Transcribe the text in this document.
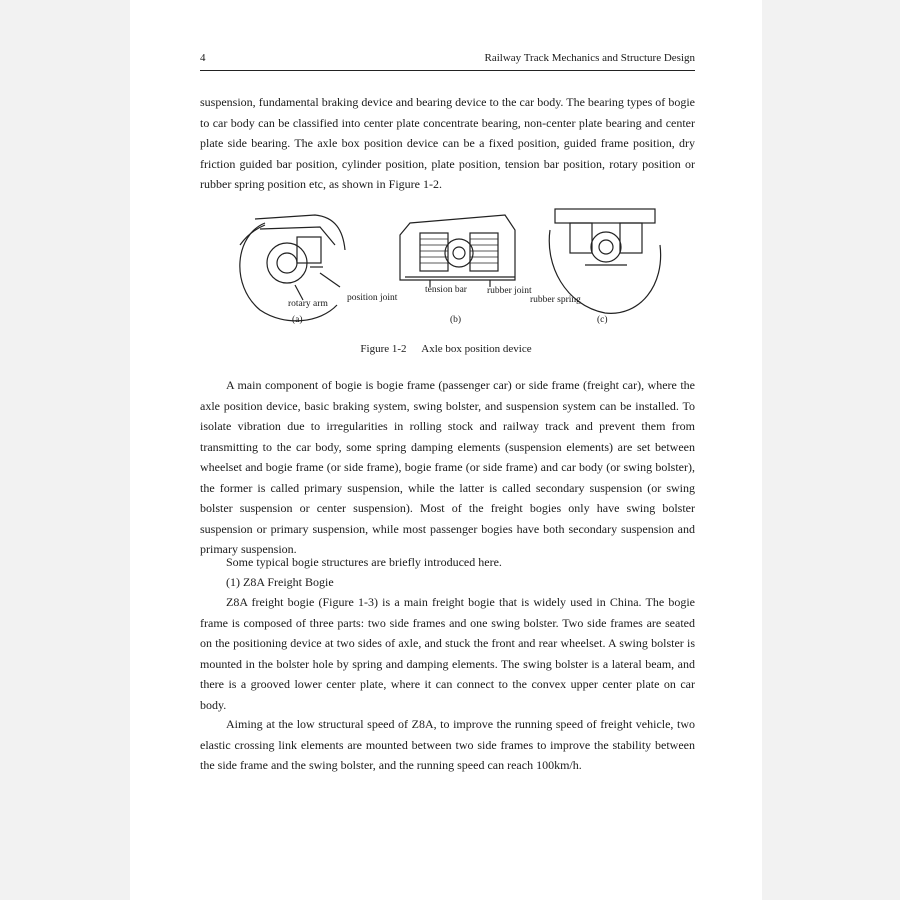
4	Railway Track Mechanics and Structure Design

suspension, fundamental braking device and bearing device to the car body. The bearing types of bogie to car body can be classified into center plate concentrate bearing, non-center plate bearing and center plate side bearing. The axle box position device can be a fixed position, guided frame position, dry friction guided bar position, cylinder position, plate position, tension bar position, rotary position or rubber spring position etc, as shown in Figure 1-2.

rotary arm
position joint
tension bar rubber joint
rubber spring
(a)	(b)	(c)
Figure 1-2 Axle box position device

A main component of bogie is bogie frame (passenger car) or side frame (freight car), where the axle position device, basic braking system, swing bolster, and suspension system can be installed. To isolate vibration due to irregularities in rolling stock and railway track and prevent them from transmitting to the car body, some spring damping elements (suspension elements) are set between wheelset and bogie frame (or side frame), bogie frame (or side frame) and car body (or swing bolster), the former is called primary suspension, while the latter is called secondary suspension (or swing bolster suspension or center suspension). Most of the freight bogies only have swing bolster suspension or primary suspension, while most passenger bogies have both secondary suspension and primary suspension.

Some typical bogie structures are briefly introduced here.

(1) Z8A Freight Bogie

Z8A freight bogie (Figure 1-3) is a main freight bogie that is widely used in China. The bogie frame is composed of three parts: two side frames and one swing bolster. Two side frames are seated on the positioning device at two sides of axle, and stuck the front and rear wheelset. A swing bolster is mounted in the bolster hole by spring and damping elements. The swing bolster is a lateral beam, and there is a grooved lower center plate, where it can connect to the convex upper center plate on car body.

Aiming at the low structural speed of Z8A, to improve the running speed of freight vehicle, two elastic crossing link elements are mounted between two side frames to improve the stability between the side frame and the swing bolster, and the running speed can reach 100km/h.
